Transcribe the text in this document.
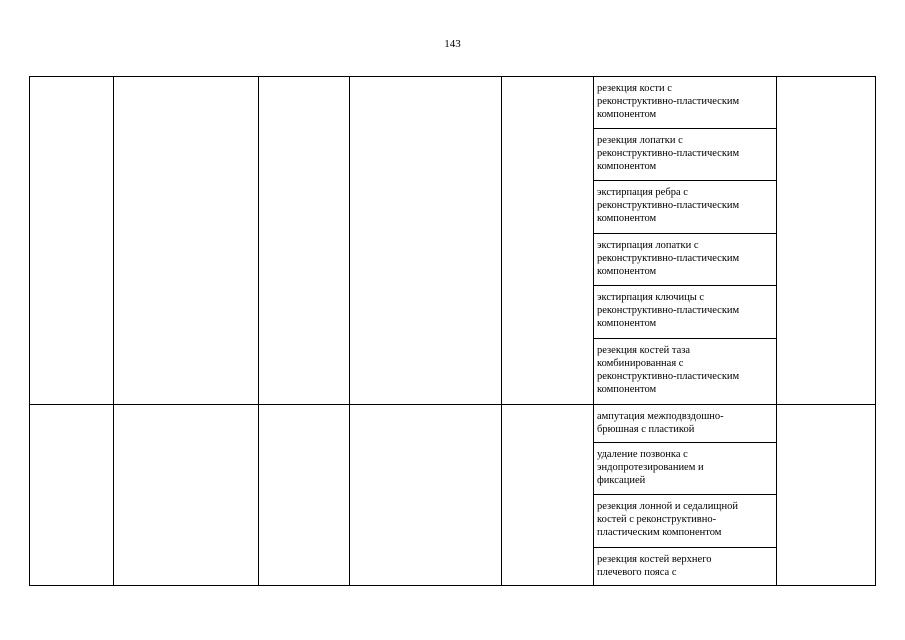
143
резекция кости с
реконструктивно-пластическим
компонентом
резекция лопатки с
реконструктивно-пластическим
компонентом
экстирпация ребра с
реконструктивно-пластическим
компонентом
экстирпация лопатки с
реконструктивно-пластическим
компонентом
экстирпация ключицы с
реконструктивно-пластическим
компонентом
резекция костей таза
комбинированная с
реконструктивно-пластическим
компонентом
ампутация межподвздошно-
брюшная с пластикой
удаление позвонка с
эндопротезированием и
фиксацией
резекция лонной и седалищной
костей с реконструктивно-
пластическим компонентом
резекция костей верхнего
плечевого пояса с
